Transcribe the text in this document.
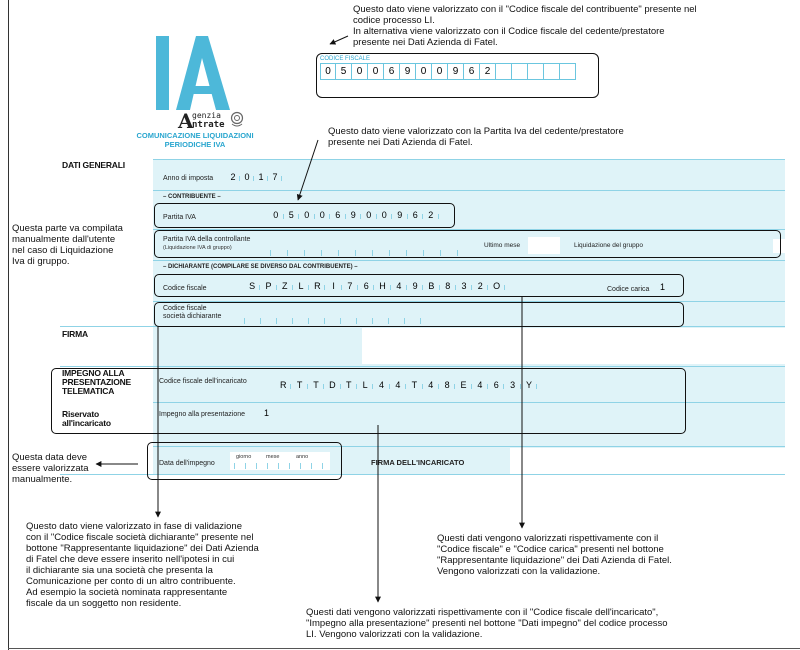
Questo dato viene valorizzato con il "Codice fiscale del contribuente" presente nel
codice processo LI.
In alternativa viene valorizzato con il Codice fiscale del cedente/prestatore
presente nei Dati Azienda di Fatel.
A
genzia
ntrate
COMUNICAZIONE LIQUIDAZIONI
PERIODICHE IVA
CODICE FISCALE
0 5	0	0	6	9	0	0	9	6	2
Questo dato viene valorizzato con la Partita Iva del cedente/prestatore
presente nei Dati Azienda di Fatel.
DATI GENERALI
FIRMA
IMPEGNO ALLA
PRESENTAZIONE
TELEMATICA
Riservato
all'incaricato
Anno di imposta	2 0 1 7
– CONTRIBUENTE –
Partita IVA	0	5	0	0	6	9	0	0	9	6	2
Partita IVA della controllante
(Liquidazione IVA di gruppo)	Ultimo mese	Liquidazione del gruppo
– DICHIARANTE (COMPILARE SE DIVERSO DAL CONTRIBUENTE) –
Codice fiscale	S	P	Z	L	R	I	7	6	H	4	9	B	8	3	2	O	Codice carica 1
Codice fiscale
società dichiarante
Codice fiscale dell'incaricato	R	T	T	D	T	L	4	4	T	4	8	E	4	6	3	Y
Impegno alla presentazione 1
Data dell'impegno
giorno	mese	anno
FIRMA DELL'INCARICATO
Questa parte va compilata
manualmente dall'utente
nel caso di Liquidazione
Iva di gruppo.
Questa data deve
essere valorizzata
manualmente.
Questo dato viene valorizzato in fase di validazione
con il "Codice fiscale società dichiarante" presente nel
bottone "Rappresentante liquidazione" dei Dati Azienda
di Fatel che deve essere inserito nell'ipotesi in cui
il dichiarante sia una società che presenta la
Comunicazione per conto di un altro contribuente.
Ad esempio la società nominata rappresentante
fiscale da un soggetto non residente.
Questi dati vengono valorizzati rispettivamente con il
"Codice fiscale" e "Codice carica" presenti nel bottone
"Rappresentante liquidazione" dei Dati Azienda di Fatel.
Vengono valorizzati con la validazione.
Questi dati vengono valorizzati rispettivamente con il "Codice fiscale dell'incaricato",
"Impegno alla presentazione" presenti nel bottone "Dati impegno" del codice processo
LI. Vengono valorizzati con la validazione.
